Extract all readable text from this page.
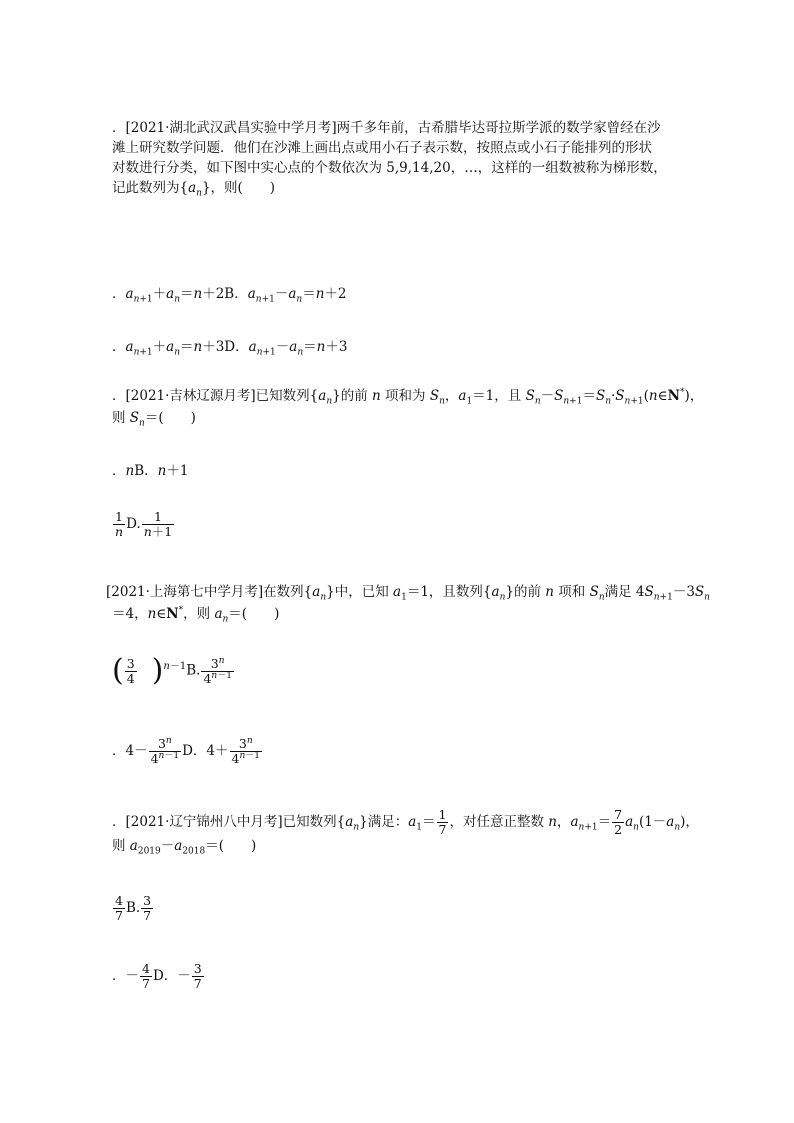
．[2021·湖北武汉武昌实验中学月考]两千多年前，古希腊毕达哥拉斯学派的数学家曾经在沙
滩上研究数学问题．他们在沙滩上画出点或用小石子表示数，按照点或小石子能排列的形状
对数进行分类，如下图中实心点的个数依次为 5,9,14,20，…，这样的一组数被称为梯形数，
记此数列为$\{a_n\}$，则(　　)
．$a_{n+1}+a_n=n+2B$．$a_{n+1}-a_n=n+2$
．$a_{n+1}+a_n=n+3D$．$a_{n+1}-a_n=n+3$
．[2021·吉林辽源月考]已知数列$\{a_n\}$的前 n 项和为 $S_n$，$a_1=1$，且 $S_n-S_{n+1}=S_n\cdot S_{n+1}(n\in N^*)$，
则 $S_n=$(　　)
．nB．n＋1
$\frac{1}{n} D$. $\frac{1}{n+1}$
[2021·上海第七中学月考]在数列$\{a_n\}$中，已知 $a_1=1$，且数列$\{a_n\}$的前 n 项和 $S_n$满足 $4S_{n+1}-3S_n$
＝4，n∈N*，则 $a_n=$(　　)
( $\frac{3}{4} )^{n-1}B$. $\frac{3^n}{4^{n-1}}$
．$4- \frac{3^n}{4^{n-1}}$ D．$4+ \frac{3^n}{4^{n-1}}$
．[2021·辽宁锦州八中月考]已知数列$\{a_n\}$满足：$a_1= \frac{1}{7}$ ，对任意正整数 n，$a_{n+1}= \frac{7}{2} a_n(1-a_n)$，
则 $a_{2019}-a_{2018}=$(　　)
$\frac{4}{7} B$. $\frac{3}{7}$
．－ $\frac{4}{7}$ D．－ $\frac{3}{7}$
